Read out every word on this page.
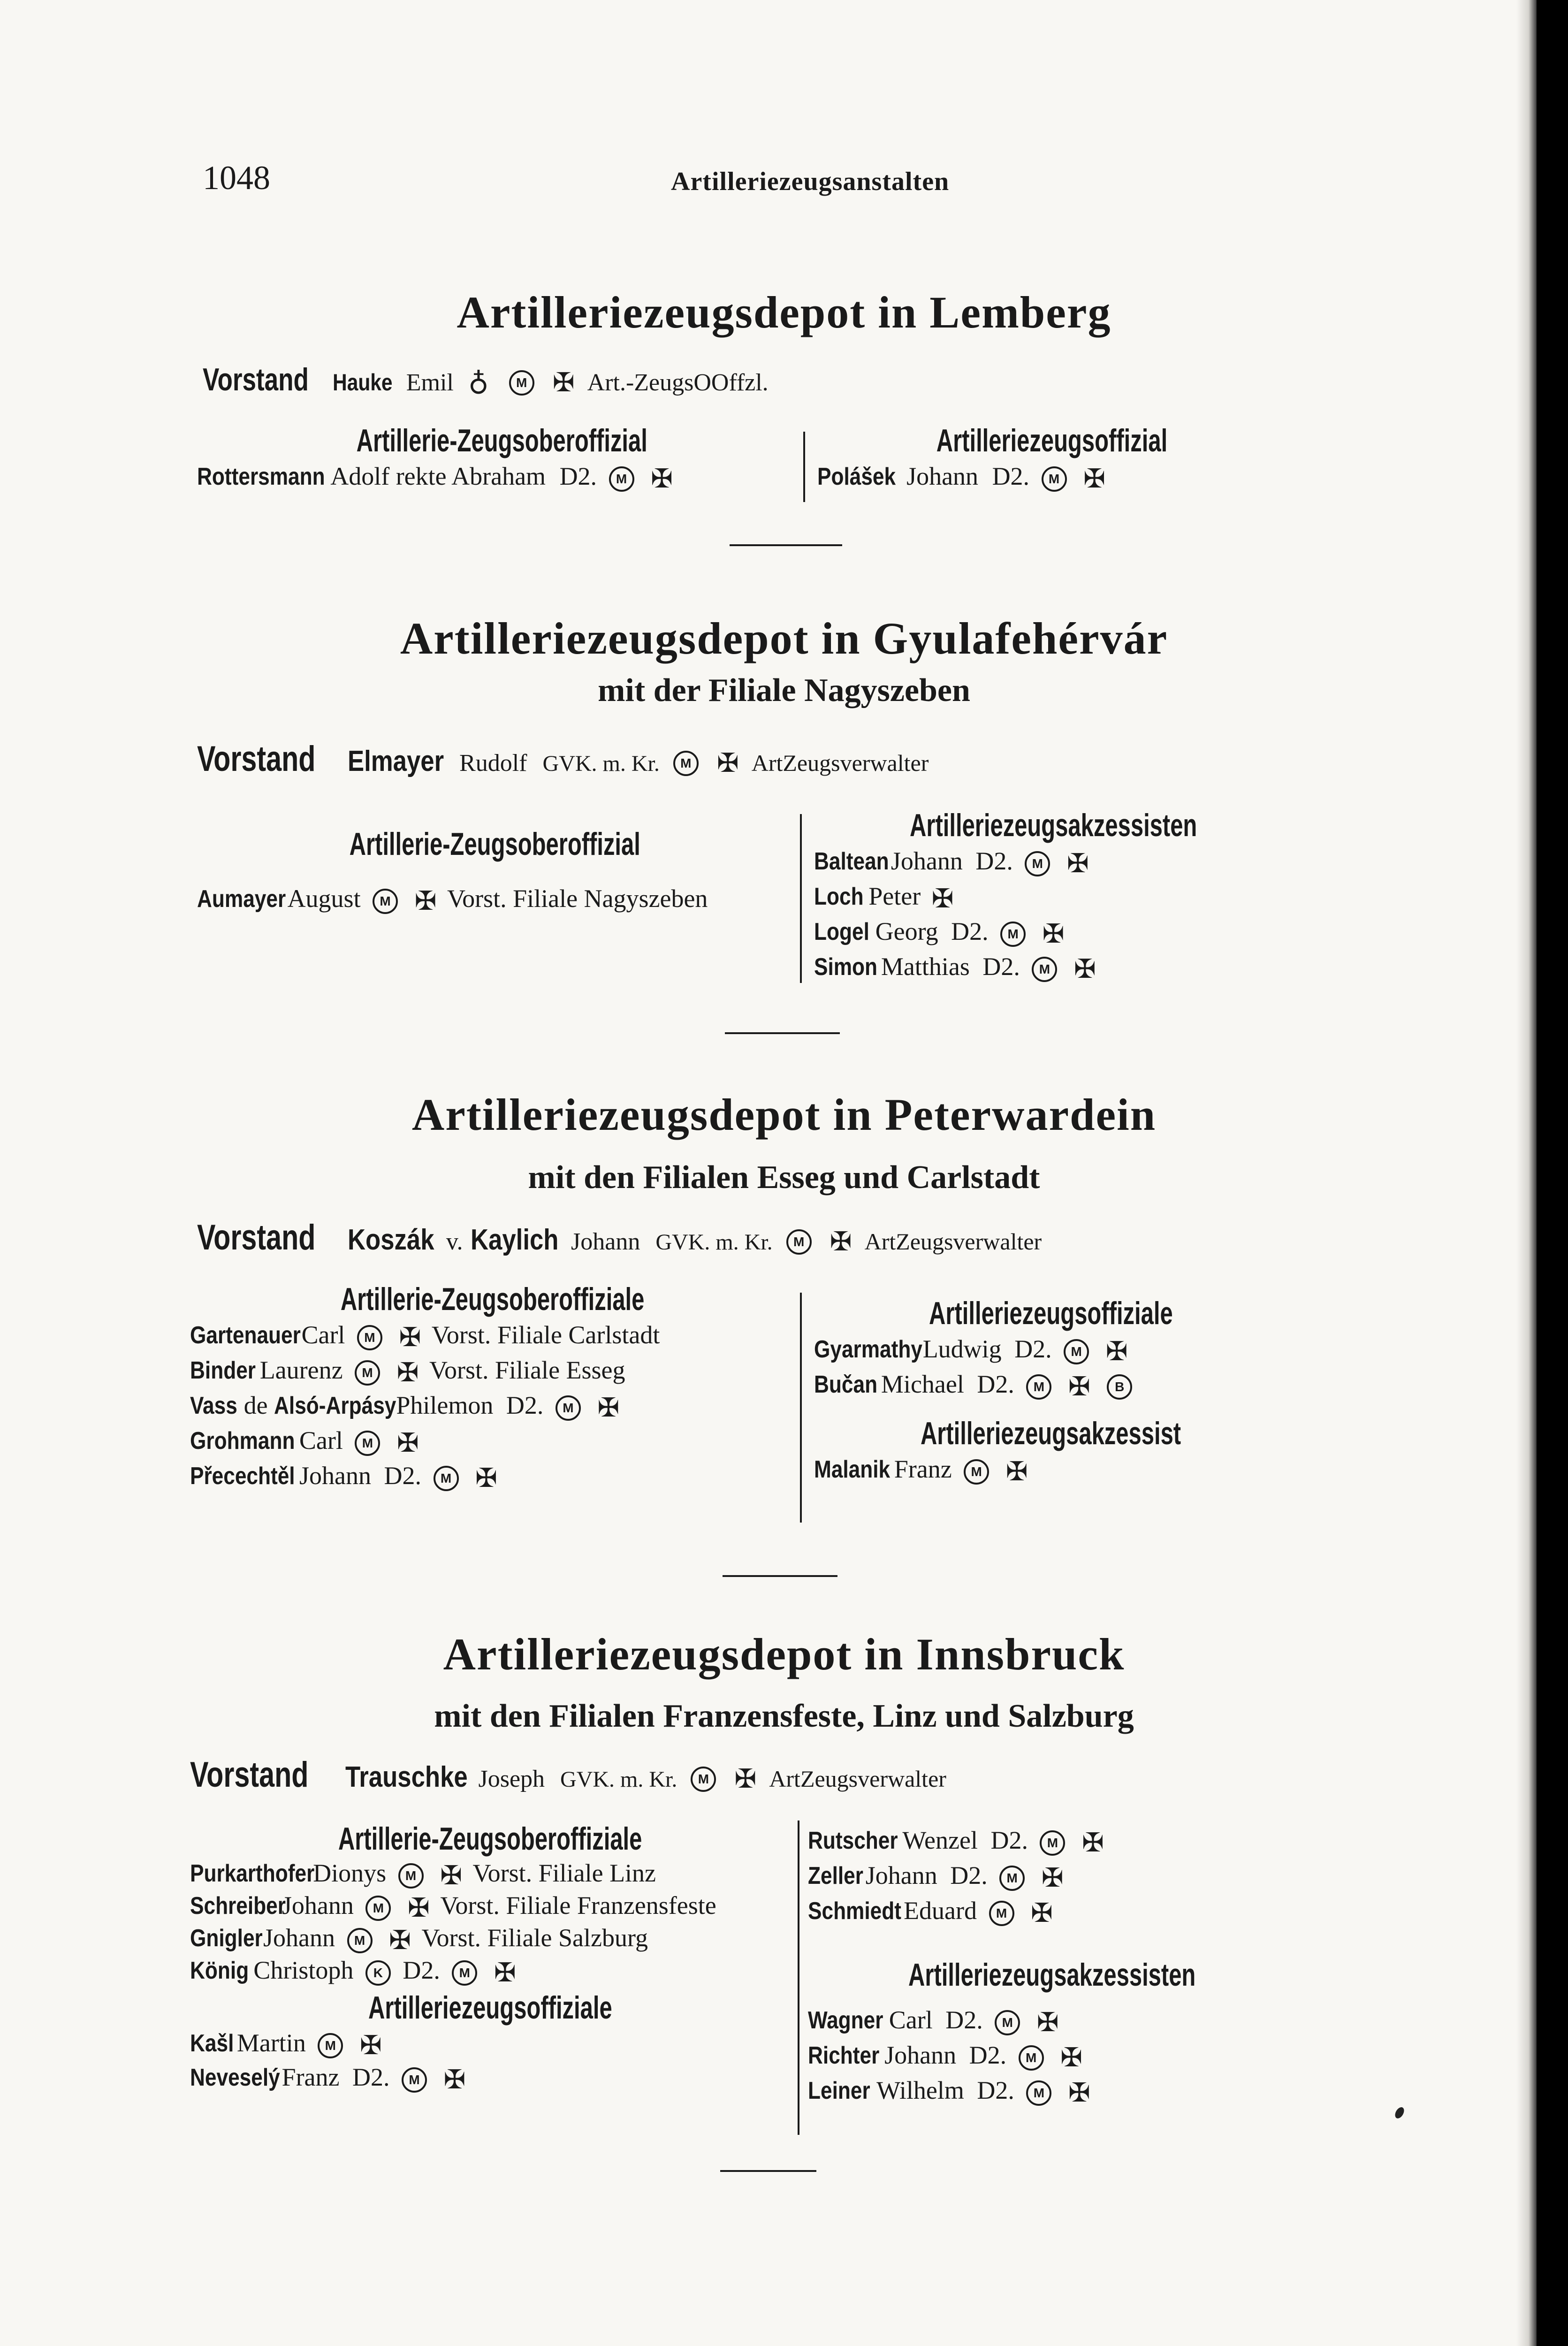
1048	Artilleriezeugsanstalten
Artilleriezeugsdepot in Lemberg
Vorstand Hauke Emil ♁ M ✠ Art.-ZeugsOOffzl.
Artillerie-Zeugsoberoffizial
Rottersmann Adolf rekte Abraham D2. M ✠
Artilleriezeugsoffizial
Polášek Johann D2. M ✠
Artilleriezeugsdepot in Gyulafehérvár
mit der Filiale Nagyszeben
Vorstand Elmayer Rudolf GVK. m. Kr. M ✠ ArtZeugsverwalter
Artillerie-Zeugsoberoffizial
AumayerAugust M ✠ Vorst. Filiale Nagyszeben
Artilleriezeugsakzessisten
BalteanJohann D2. M ✠
Loch Peter ✠
Logel Georg D2. M ✠
Simon Matthias D2. M ✠
Artilleriezeugsdepot in Peterwardein
mit den Filialen Esseg und Carlstadt
Vorstand Koszák v. Kaylich Johann GVK. m. Kr. M ✠ ArtZeugsverwalter
Artillerie-Zeugsoberoffiziale
GartenauerCarl M ✠ Vorst. Filiale Carlstadt
Binder Laurenz M ✠ Vorst. Filiale Esseg
Vass de Alsó-ArpásyPhilemon D2. M ✠
Grohmann Carl M ✠
Přecechtěl Johann D2. M ✠
Artilleriezeugsoffiziale
GyarmathyLudwig D2. M ✠
Bučan Michael D2. M ✠ B
Artilleriezeugsakzessist
Malanik Franz M ✠
Artilleriezeugsdepot in Innsbruck
mit den Filialen Franzensfeste, Linz und Salzburg
Vorstand Trauschke Joseph GVK. m. Kr. M ✠ ArtZeugsverwalter
Artillerie-Zeugsoberoffiziale
PurkarthoferDionys M ✠ Vorst. Filiale Linz
SchreiberJohann M ✠ Vorst. Filiale Franzensfeste
GniglerJohann M ✠ Vorst. Filiale Salzburg
König Christoph K D2. M ✠
Artilleriezeugsoffiziale
Kašl Martin M ✠
NeveselýFranz D2. M ✠
Rutscher Wenzel D2. M ✠
ZellerJohann D2. M ✠
SchmiedtEduard M ✠
Artilleriezeugsakzessisten
Wagner Carl D2. M ✠
Richter Johann D2. M ✠
Leiner Wilhelm D2. M ✠
